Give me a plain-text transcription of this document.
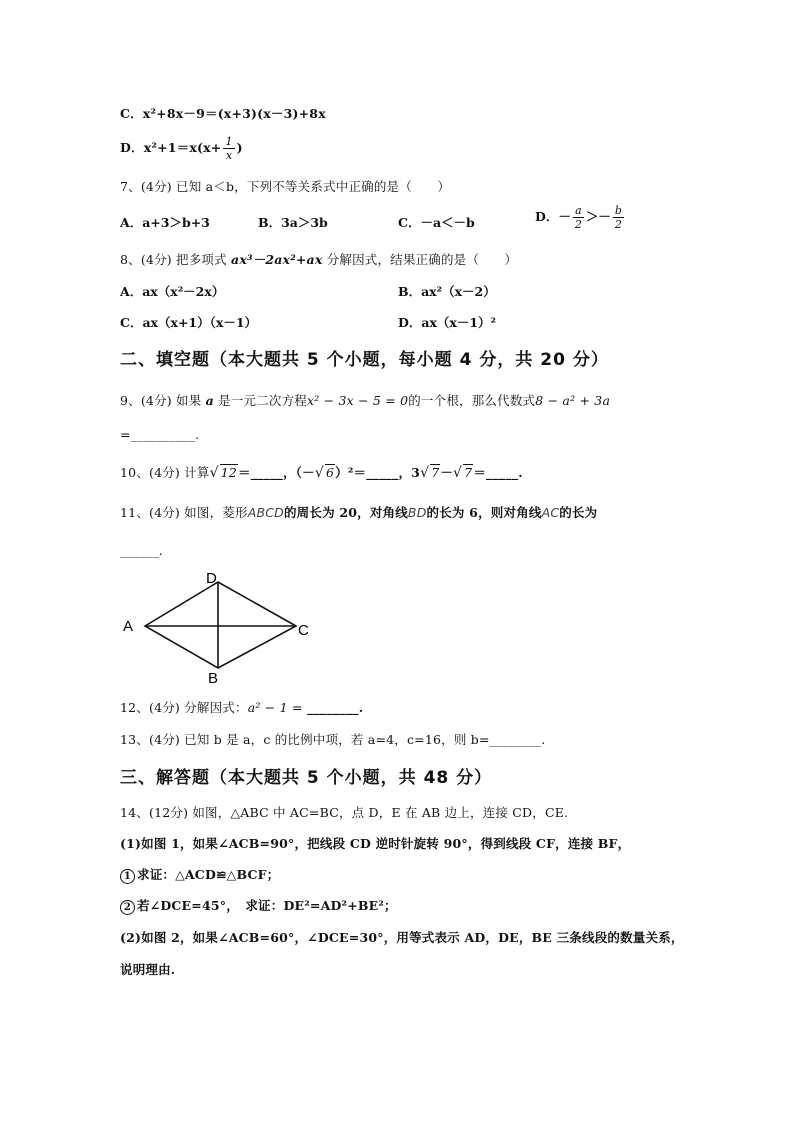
C．x²+8x－9＝(x+3)(x－3)+8x
D．$x^2+1=x(x+ \frac{1}{x}$ )
7、(4分) 已知 a＜b，下列不等关系式中正确的是（　　）
A．a+3＞b+3	B．3a＞3b	C．－a＜－b	D．－ $\frac{a}{2} >- \frac{b}{2}$
8、(4分) 把多项式 ax³－2ax²+ax 分解因式，结果正确的是（　　）
A．ax（x²－2x）	B．ax²（x－2）
C．ax（x+1）（x－1）	D．ax（x－1）²
二、填空题（本大题共 5 个小题，每小题 4 分，共 20 分）
9、(4分) 如果 a 是一元二次方程x² − 3x − 5 = 0的一个根，那么代数式8 − a² + 3a
=__________.
10、(4分) 计算√ 12＝_____，（－√ 6）²＝_____，3√ 7－√ 7＝_____.
11、(4分) 如图，菱形ABCD的周长为 20，对角线BD的长为 6，则对角线AC的长为
______.
A
D
C
B
12、(4分) 分解因式：a² − 1 = ________.
13、(4分) 已知 b 是 a，c 的比例中项，若 a=4，c=16，则 b=________.
三、解答题（本大题共 5 个小题，共 48 分）
14、(12分) 如图，△ABC 中 AC=BC，点 D，E 在 AB 边上，连接 CD，CE.
(1)如图 1，如果∠ACB=90°，把线段 CD 逆时针旋转 90°，得到线段 CF，连接 BF，
1 求证：△ACD≌△BCF；
2 若∠DCE=45°，　求证：DE²=AD²+BE²；
(2)如图 2，如果∠ACB=60°，∠DCE=30°，用等式表示 AD，DE，BE 三条线段的数量关系，
说明理由.
